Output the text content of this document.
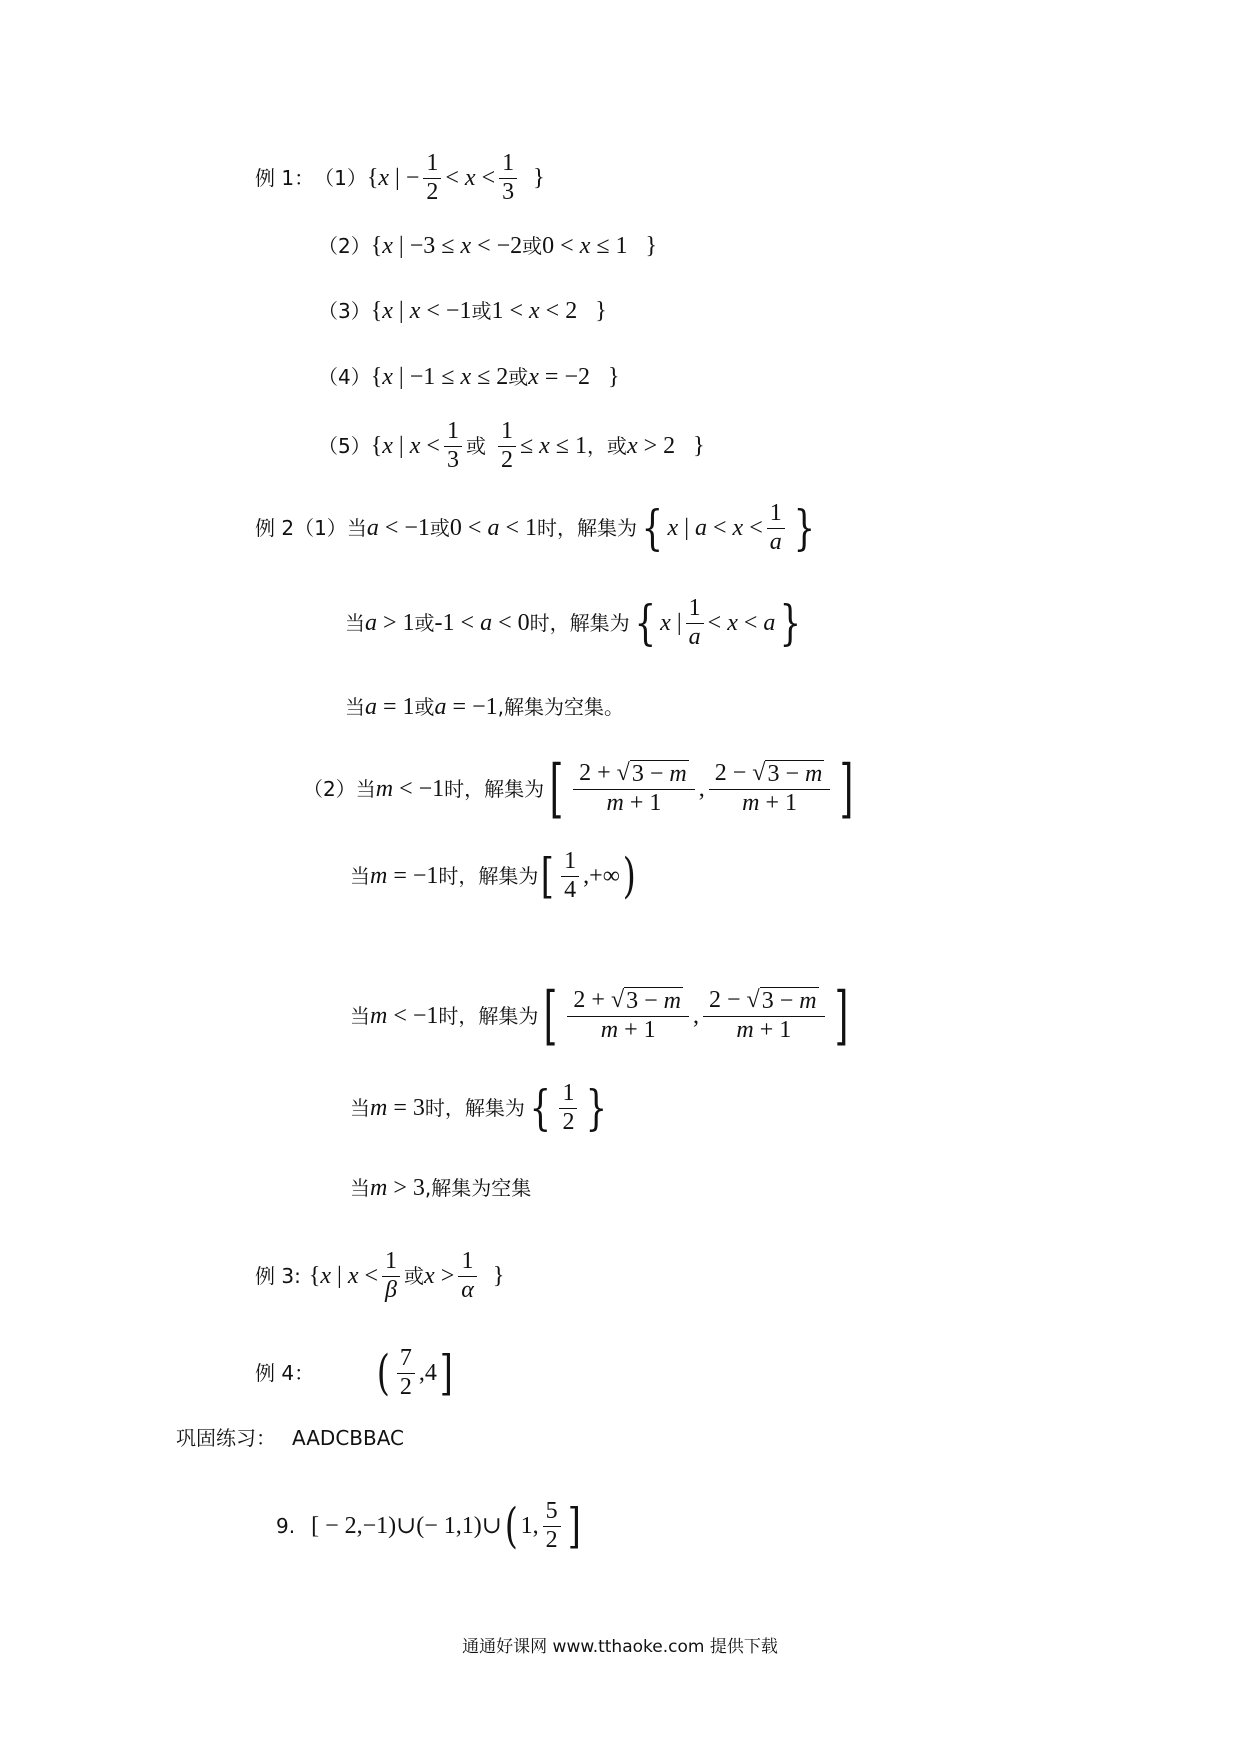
例 1： （1） {x | − $\frac{1}{2} < x < \frac{1}{3}$ }
（2） {x | −3 ≤ x < −2 或 0 < x ≤ 1   }
（3） {x | x < −1 或 1 < x < 2   }
（4） {x | −1 ≤ x ≤ 2 或 x = −2   }
（5） {x | $x < \frac{1}{3}$ 或 $\frac{1}{2} \le x \le 1$ ，或 x > 2   }
例 2（1） 当 a < −1 或 0 < a < 1 时， 解集为 { x | $a < x < \frac{1}{a}$ }
当 a > 1 或 -1 < a < 0 时， 解集为 { x | $\frac{1}{a} < x < a$ }
当 a = 1 或 a = −1 ,解集为空集。
（2） 当 m < −1 时， 解集为 [ $\frac{2 + √ 3 - m}{m + 1}$ , $\frac{2 - √ 3 - m}{m + 1}$ ]
当 m = −1 时， 解集为 [ $\frac{1}{4}$ ,+∞ )
当 m < −1 时， 解集为 [ $\frac{2 + √ 3 - m}{m + 1}$ , $\frac{2 - √ 3 - m}{m + 1}$ ]
当 m = 3 时， 解集为 { $\frac{1}{2}$ }
当 m > 3 ,解集为空集
例 3: {x | $x < \frac{1}{\beta}$ 或 $x > \frac{1}{\alpha}$ }
例 4： ( $\frac{7}{2} ,4$ ]
巩固练习： AADCBBAC
9. [ − 2,−1)∪(− 1,1)∪ ( 1, $\frac{5}{2}$ ]
通通好课网 www.tthaoke.com 提供下载
